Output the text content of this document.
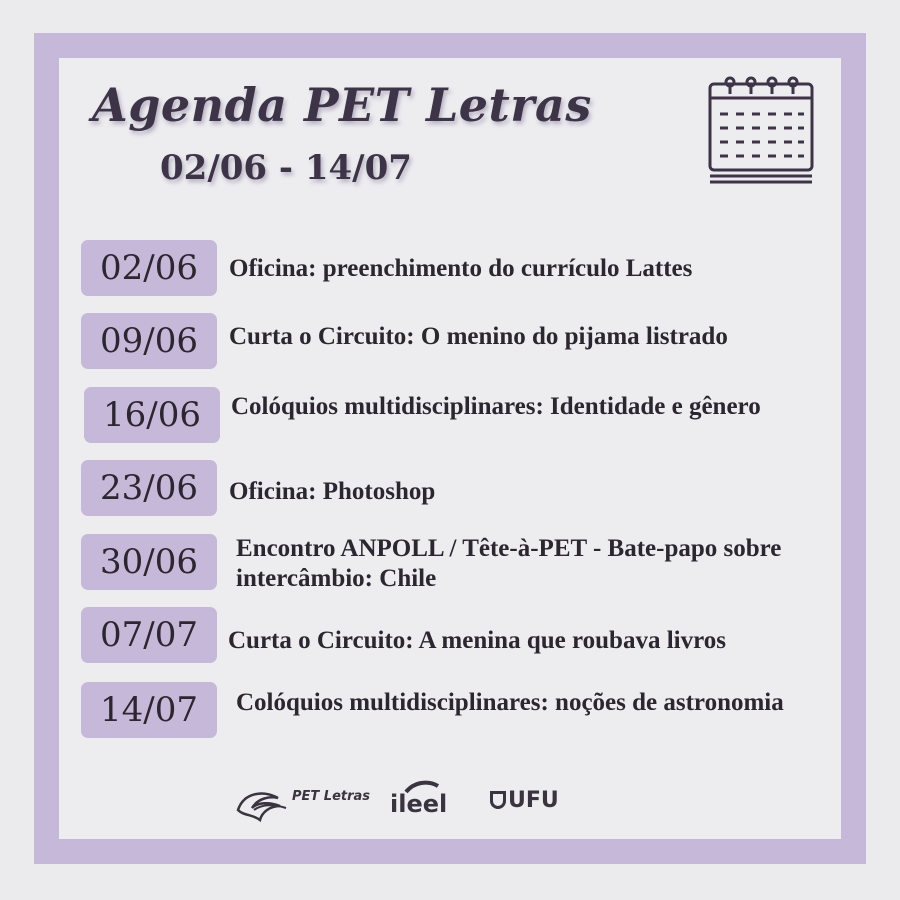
Agenda PET Letras
02/06 - 14/07
02/06	Oficina: preenchimento do currículo Lattes
09/06	Curta o Circuito: O menino do pijama listrado
16/06	Colóquios multidisciplinares: Identidade e gênero
23/06	Oficina: Photoshop
30/06	Encontro ANPOLL / Tête-à-PET - Bate-papo sobre intercâmbio: Chile
07/07	Curta o Circuito: A menina que roubava livros
14/07	Colóquios multidisciplinares: noções de astronomia
PET Letras ileel	UFU
